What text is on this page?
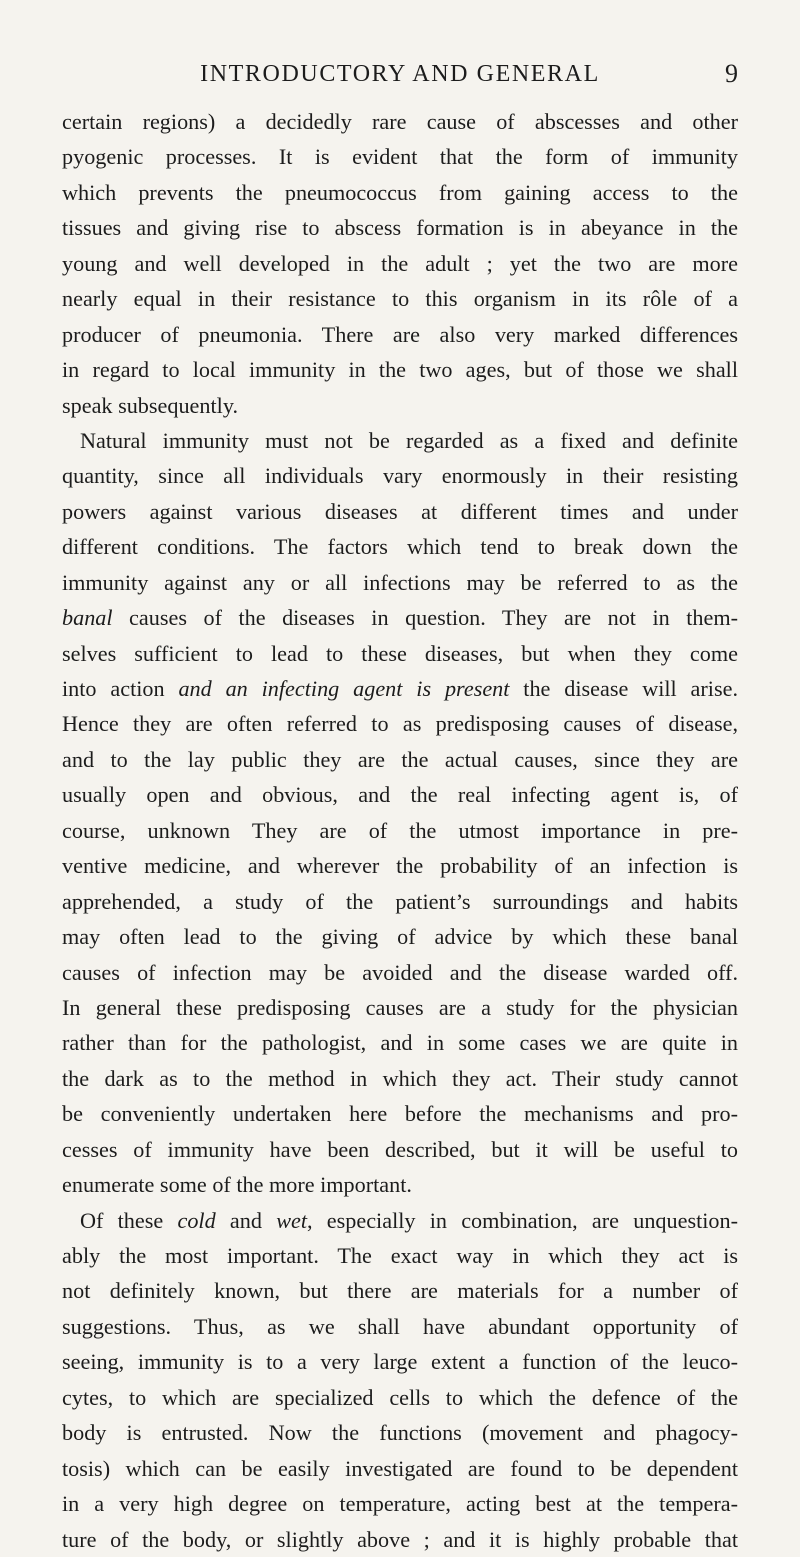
INTRODUCTORY AND GENERAL	9
certain regions) a decidedly rare cause of abscesses and other
pyogenic processes. It is evident that the form of immunity
which prevents the pneumococcus from gaining access to the
tissues and giving rise to abscess formation is in abeyance in the
young and well developed in the adult ; yet the two are more
nearly equal in their resistance to this organism in its rôle of a
producer of pneumonia. There are also very marked differences
in regard to local immunity in the two ages, but of those we shall
speak subsequently.
Natural immunity must not be regarded as a fixed and definite
quantity, since all individuals vary enormously in their resisting
powers against various diseases at different times and under
different conditions. The factors which tend to break down the
immunity against any or all infections may be referred to as the
banal causes of the diseases in question. They are not in them-
selves sufficient to lead to these diseases, but when they come
into action and an infecting agent is present the disease will arise.
Hence they are often referred to as predisposing causes of disease,
and to the lay public they are the actual causes, since they are
usually open and obvious, and the real infecting agent is, of
course, unknown They are of the utmost importance in pre-
ventive medicine, and wherever the probability of an infection is
apprehended, a study of the patient’s surroundings and habits
may often lead to the giving of advice by which these banal
causes of infection may be avoided and the disease warded off.
In general these predisposing causes are a study for the physician
rather than for the pathologist, and in some cases we are quite in
the dark as to the method in which they act. Their study cannot
be conveniently undertaken here before the mechanisms and pro-
cesses of immunity have been described, but it will be useful to
enumerate some of the more important.
Of these cold and wet, especially in combination, are unquestion-
ably the most important. The exact way in which they act is
not definitely known, but there are materials for a number of
suggestions. Thus, as we shall have abundant opportunity of
seeing, immunity is to a very large extent a function of the leuco-
cytes, to which are specialized cells to which the defence of the
body is entrusted. Now the functions (movement and phagocy-
tosis) which can be easily investigated are found to be dependent
in a very high degree on temperature, acting best at the tempera-
ture of the body, or slightly above ; and it is highly probable that
